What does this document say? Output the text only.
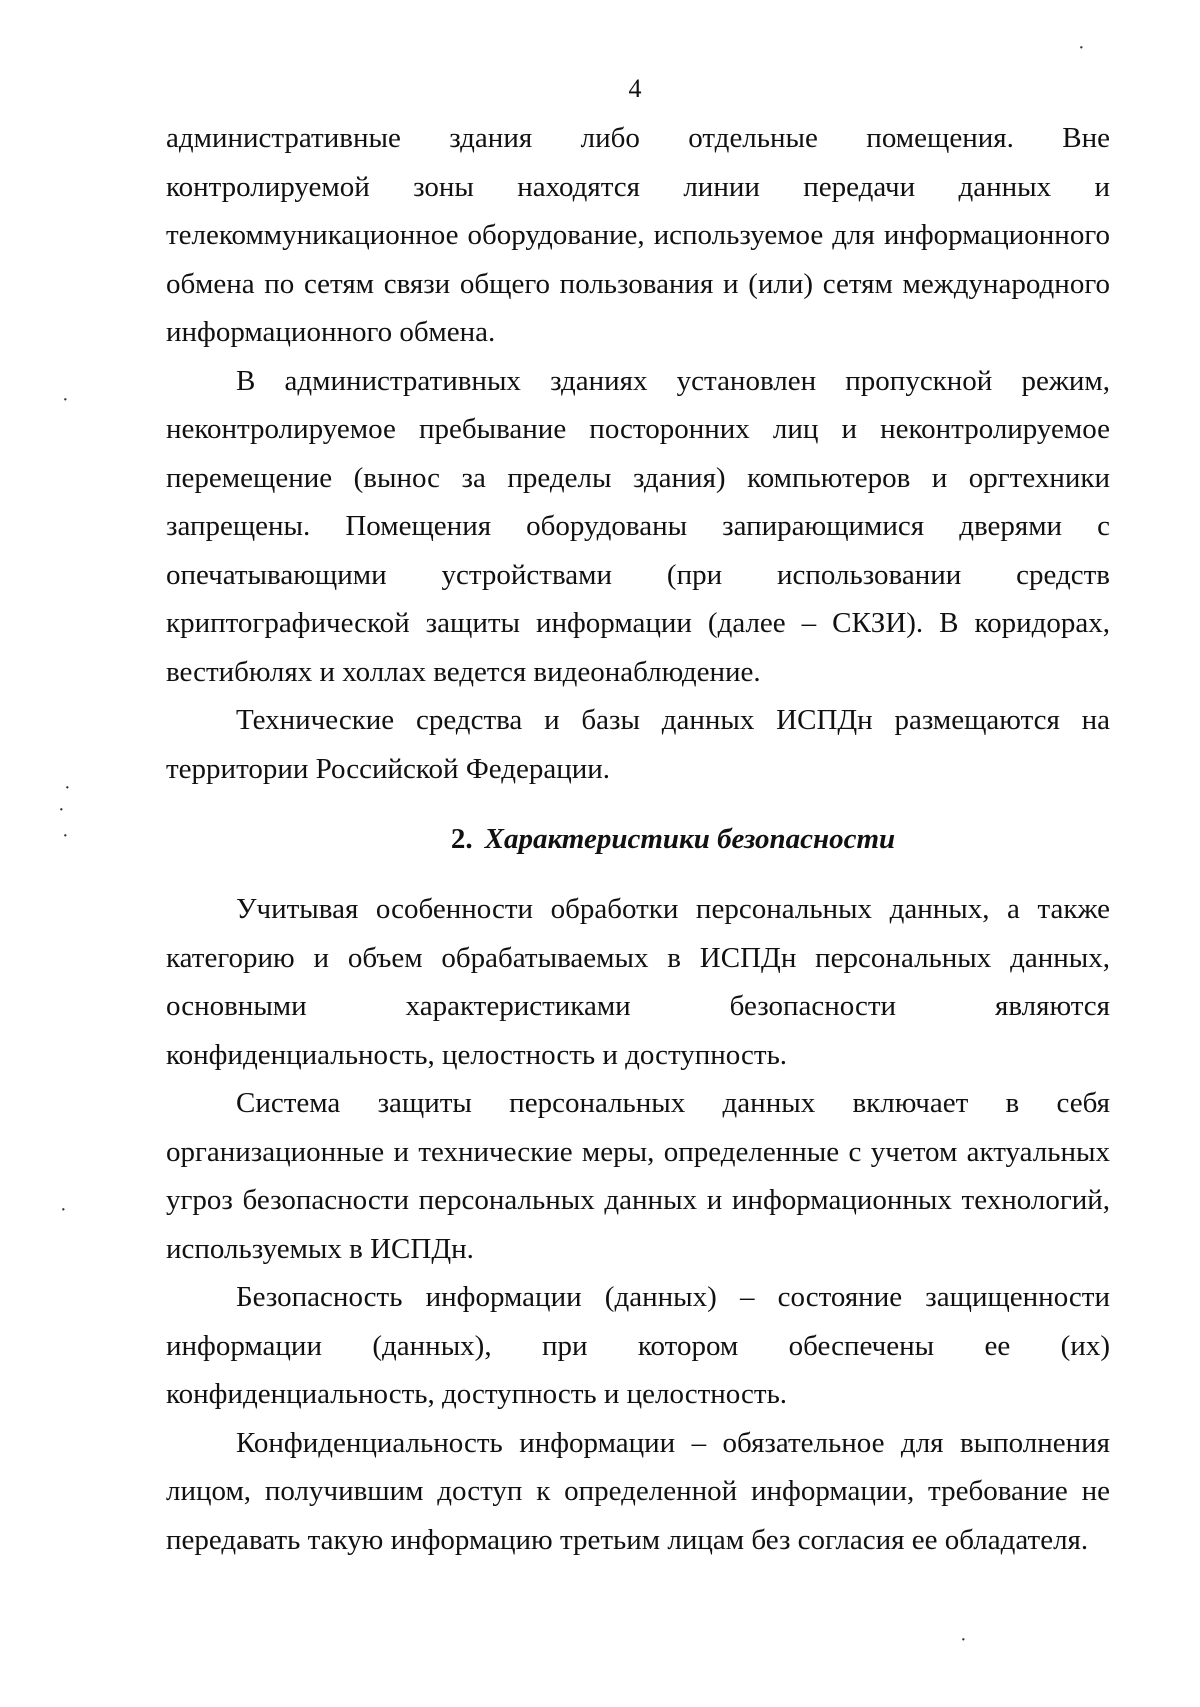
4

административные здания либо отдельные помещения. Вне контролируемой зоны находятся линии передачи данных и телекоммуникационное оборудование, используемое для информационного обмена по сетям связи общего пользования и (или) сетям международного информационного обмена.

В административных зданиях установлен пропускной режим, неконтролируемое пребывание посторонних лиц и неконтролируемое перемещение (вынос за пределы здания) компьютеров и оргтехники запрещены. Помещения оборудованы запирающимися дверями с опечатывающими устройствами (при использовании средств криптографической защиты информации (далее – СКЗИ). В коридорах, вестибюлях и холлах ведется видеонаблюдение.

Технические средства и базы данных ИСПДн размещаются на территории Российской Федерации.

2. Характеристики безопасности

Учитывая особенности обработки персональных данных, а также категорию и объем обрабатываемых в ИСПДн персональных данных, основными характеристиками безопасности являются конфиденциальность, целостность и доступность.

Система защиты персональных данных включает в себя организационные и технические меры, определенные с учетом актуальных угроз безопасности персональных данных и информационных технологий, используемых в ИСПДн.

Безопасность информации (данных) – состояние защищенности информации (данных), при котором обеспечены ее (их) конфиденциальность, доступность и целостность.

Конфиденциальность информации – обязательное для выполнения лицом, получившим доступ к определенной информации, требование не передавать такую информацию третьим лицам без согласия ее обладателя.

·
·
·
·
·
·
·
